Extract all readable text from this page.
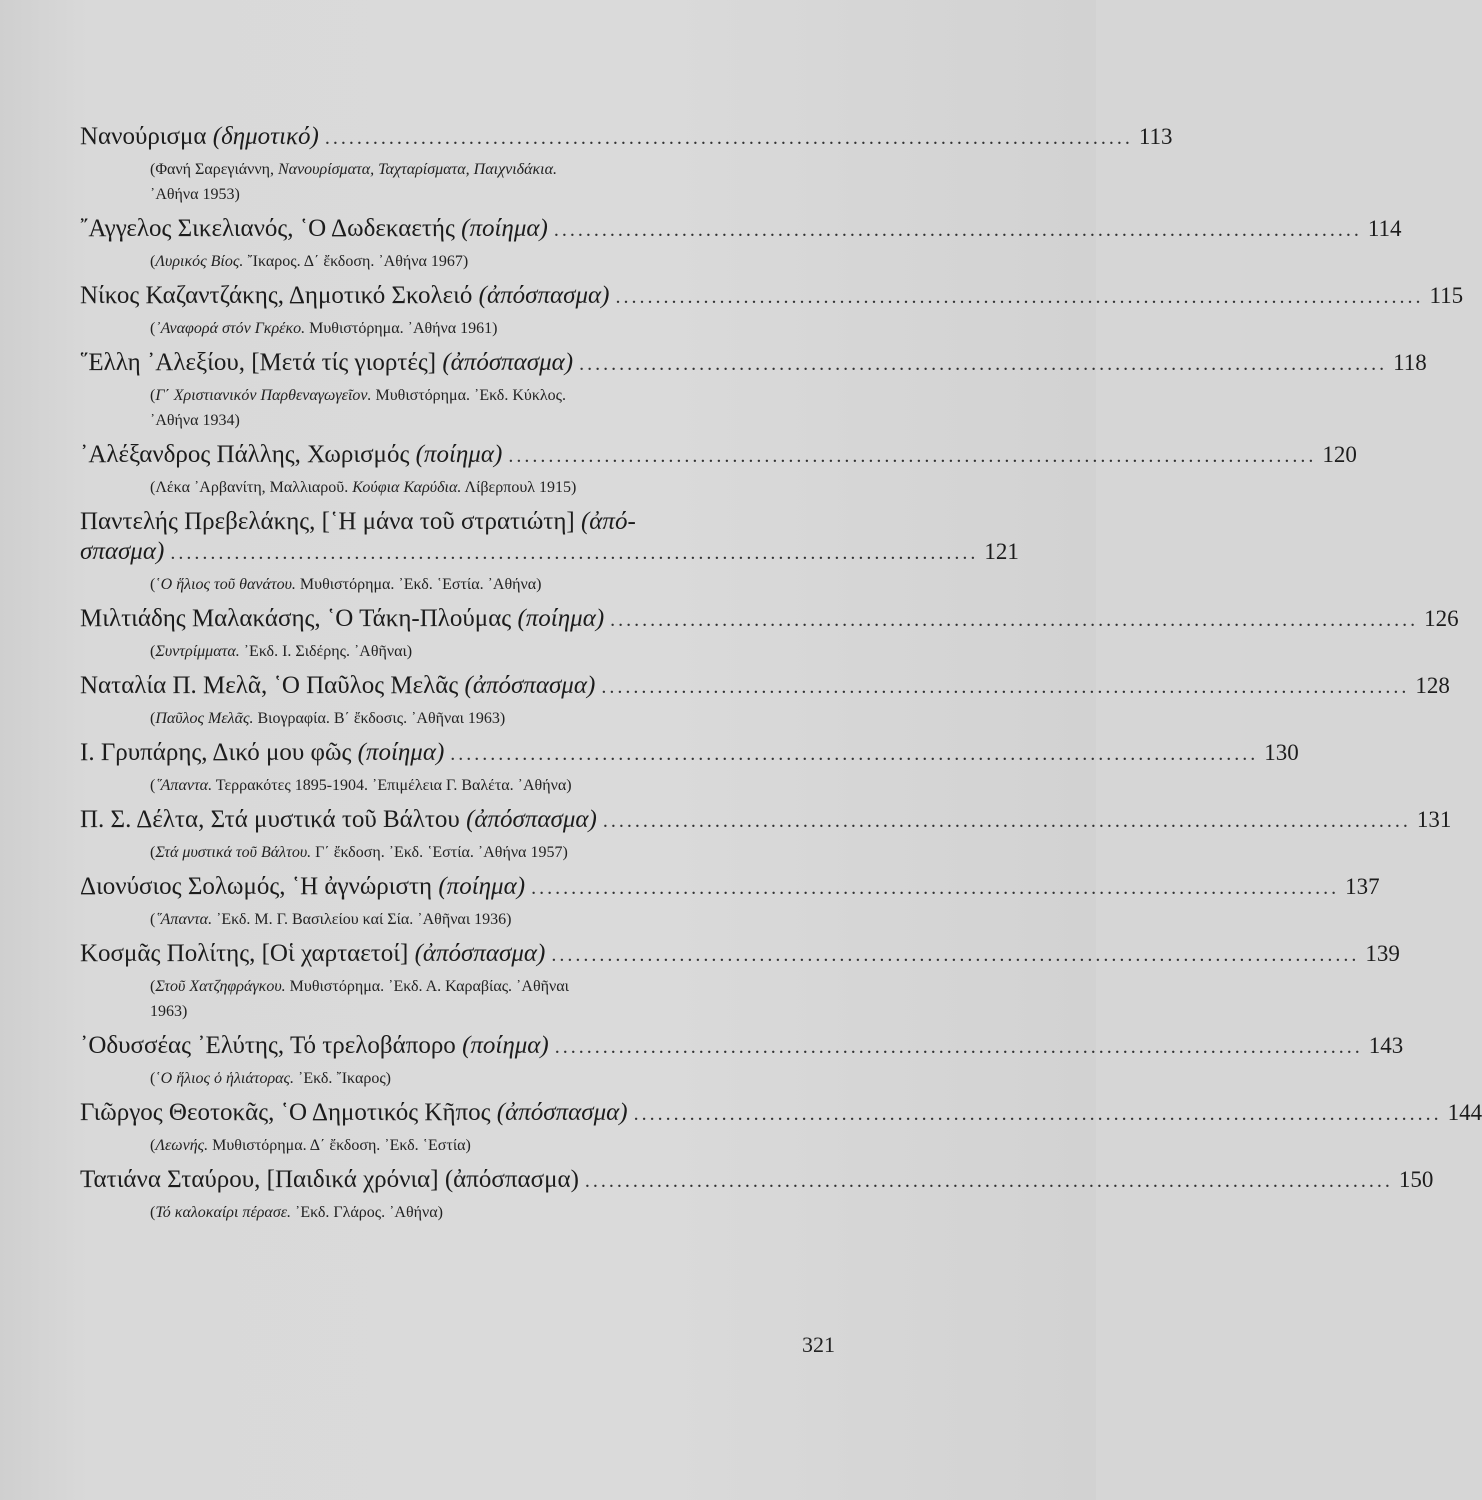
Νανούρισμα (δημοτικό) ..................................................................................................... 113
(Φανή Σαρεγιάννη, Νανουρίσματα, Ταχταρίσματα, Παιχνιδάκια.
᾿Αθήνα 1953)
῎Αγγελος Σικελιανός, ῾Ο Δωδεκαετής (ποίημα) ..................................................................................................... 114
(Λυρικός Βίος. ῎Ικαρος. Δ΄ ἔκδοση. ᾿Αθήνα 1967)
Νίκος Καζαντζάκης, Δημοτικό Σκολειό (ἀπόσπασμα) ..................................................................................................... 115
(᾿Αναφορά στόν Γκρέκο. Μυθιστόρημα. ᾿Αθήνα 1961)
῞Ελλη ᾿Αλεξίου, [Μετά τίς γιορτές] (ἀπόσπασμα) ..................................................................................................... 118
(Γ΄ Χριστιανικόν Παρθεναγωγεῖον. Μυθιστόρημα. ᾿Εκδ. Κύκλος.
᾿Αθήνα 1934)
᾿Αλέξανδρος Πάλλης, Χωρισμός (ποίημα) ..................................................................................................... 120
(Λέκα ᾿Αρβανίτη, Μαλλιαροῦ. Κούφια Καρύδια. Λίβερπουλ 1915)
Παντελής Πρεβελάκης, [῾Η μάνα τοῦ στρατιώτη] (ἀπό-
σπασμα) ..................................................................................................... 121
(῾Ο ἥλιος τοῦ θανάτου. Μυθιστόρημα. ᾿Εκδ. ῾Εστία. ᾿Αθήνα)
Μιλτιάδης Μαλακάσης, ῾Ο Τάκη-Πλούμας (ποίημα) ..................................................................................................... 126
(Συντρίμματα. ᾿Εκδ. Ι. Σιδέρης. ᾿Αθῆναι)
Ναταλία Π. Μελᾶ, ῾Ο Παῦλος Μελᾶς (ἀπόσπασμα) ..................................................................................................... 128
(Παῦλος Μελᾶς. Βιογραφία. Β΄ ἔκδοσις. ᾿Αθῆναι 1963)
Ι. Γρυπάρης, Δικό μου φῶς (ποίημα) ..................................................................................................... 130
(῞Απαντα. Τερρακότες 1895-1904. ᾿Επιμέλεια Γ. Βαλέτα. ᾿Αθήνα)
Π. Σ. Δέλτα, Στά μυστικά τοῦ Βάλτου (ἀπόσπασμα) ..................................................................................................... 131
(Στά μυστικά τοῦ Βάλτου. Γ΄ ἔκδοση. ᾿Εκδ. ῾Εστία. ᾿Αθήνα 1957)
Διονύσιος Σολωμός, ῾Η ἀγνώριστη (ποίημα) ..................................................................................................... 137
(῞Απαντα. ᾿Εκδ. Μ. Γ. Βασιλείου καί Σία. ᾿Αθῆναι 1936)
Κοσμᾶς Πολίτης, [Οἱ χαρταετοί] (ἀπόσπασμα) ..................................................................................................... 139
(Στοῦ Χατζηφράγκου. Μυθιστόρημα. ᾿Εκδ. Α. Καραβίας. ᾿Αθῆναι
1963)
᾿Οδυσσέας ᾿Ελύτης, Τό τρελοβάπορο (ποίημα) ..................................................................................................... 143
(῾Ο ἥλιος ὁ ἡλιάτορας. ᾿Εκδ. ῎Ικαρος)
Γιῶργος Θεοτοκᾶς, ῾Ο Δημοτικός Κῆπος (ἀπόσπασμα) ..................................................................................................... 144
(Λεωνής. Μυθιστόρημα. Δ΄ ἔκδοση. ᾿Εκδ. ῾Εστία)
Τατιάνα Σταύρου, [Παιδικά χρόνια] (ἀπόσπασμα) ..................................................................................................... 150
(Τό καλοκαίρι πέρασε. ᾿Εκδ. Γλάρος. ᾿Αθήνα)
321
